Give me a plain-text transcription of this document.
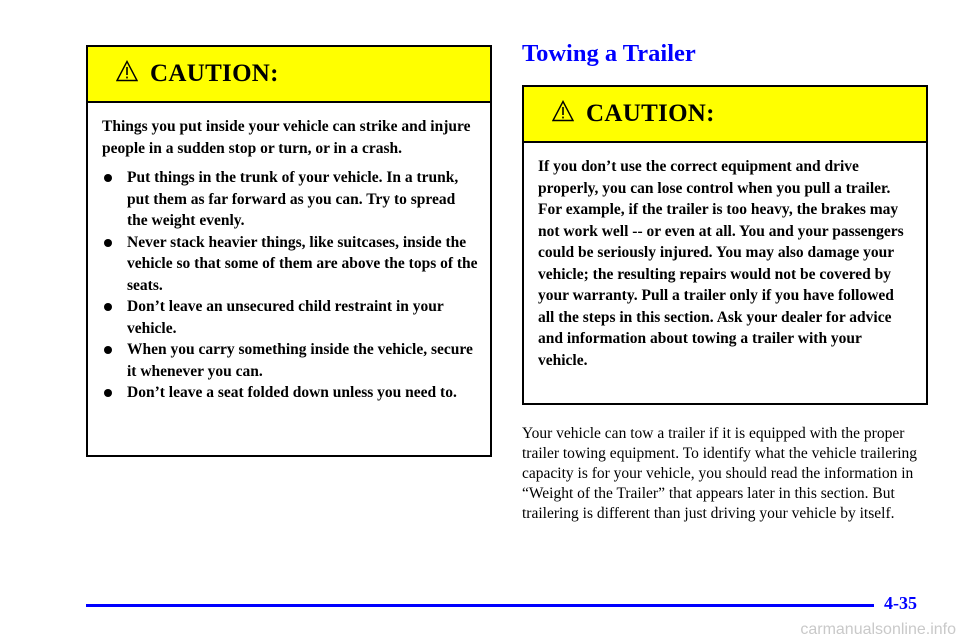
CAUTION:

Things you put inside your vehicle can strike and injure people in a sudden stop or turn, or in a crash.

Put things in the trunk of your vehicle. In a trunk, put them as far forward as you can. Try to spread the weight evenly.
Never stack heavier things, like suitcases, inside the vehicle so that some of them are above the tops of the seats.
Don’t leave an unsecured child restraint in your vehicle.
When you carry something inside the vehicle, secure it whenever you can.
Don’t leave a seat folded down unless you need to.
Towing a Trailer
CAUTION:

If you don’t use the correct equipment and drive properly, you can lose control when you pull a trailer. For example, if the trailer is too heavy, the brakes may not work well -- or even at all. You and your passengers could be seriously injured. You may also damage your vehicle; the resulting repairs would not be covered by your warranty. Pull a trailer only if you have followed all the steps in this section. Ask your dealer for advice and information about towing a trailer with your vehicle.

Your vehicle can tow a trailer if it is equipped with the proper trailer towing equipment. To identify what the vehicle trailering capacity is for your vehicle, you should read the information in “Weight of the Trailer” that appears later in this section. But trailering is different than just driving your vehicle by itself.

4-35
carmanualsonline.info
